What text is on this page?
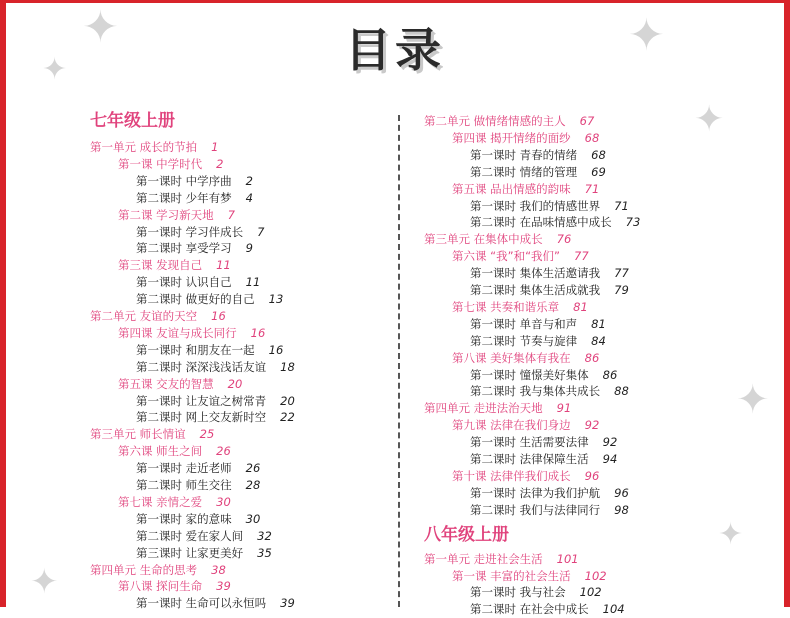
✦
✦
✦
✦
✦
✦
✦
目录
七年级上册
第一单元 成长的节拍 1
第一课 中学时代 2
第一课时 中学序曲 2
第二课时 少年有梦 4
第二课 学习新天地 7
第一课时 学习伴成长 7
第二课时 享受学习 9
第三课 发现自己 11
第一课时 认识自己 11
第二课时 做更好的自己 13
第二单元 友谊的天空 16
第四课 友谊与成长同行 16
第一课时 和朋友在一起 16
第二课时 深深浅浅话友谊 18
第五课 交友的智慧 20
第一课时 让友谊之树常青 20
第二课时 网上交友新时空 22
第三单元 师长情谊 25
第六课 师生之间 26
第一课时 走近老师 26
第二课时 师生交往 28
第七课 亲情之爱 30
第一课时 家的意味 30
第二课时 爱在家人间 32
第三课时 让家更美好 35
第四单元 生命的思考 38
第八课 探问生命 39
第一课时 生命可以永恒吗 39
第二单元 做情绪情感的主人 67
第四课 揭开情绪的面纱 68
第一课时 青春的情绪 68
第二课时 情绪的管理 69
第五课 品出情感的韵味 71
第一课时 我们的情感世界 71
第二课时 在品味情感中成长 73
第三单元 在集体中成长 76
第六课 “我”和“我们” 77
第一课时 集体生活邀请我 77
第二课时 集体生活成就我 79
第七课 共奏和谐乐章 81
第一课时 单音与和声 81
第二课时 节奏与旋律 84
第八课 美好集体有我在 86
第一课时 憧憬美好集体 86
第二课时 我与集体共成长 88
第四单元 走进法治天地 91
第九课 法律在我们身边 92
第一课时 生活需要法律 92
第二课时 法律保障生活 94
第十课 法律伴我们成长 96
第一课时 法律为我们护航 96
第二课时 我们与法律同行 98
八年级上册
第一单元 走进社会生活 101
第一课 丰富的社会生活 102
第一课时 我与社会 102
第二课时 在社会中成长 104
